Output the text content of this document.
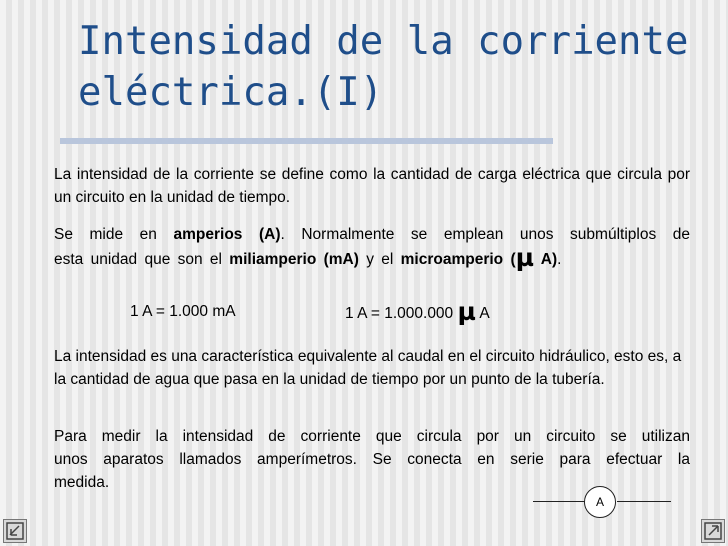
Intensidad de la corriente
eléctrica.(I)

La intensidad de la corriente se define como la cantidad de carga eléctrica que circula por un circuito en la unidad de tiempo.

Se mide en amperios (A). Normalmente se emplean unos submúltiplos de
esta unidad que son el miliamperio (mA) y el microamperio (µ A).

1 A = 1.000 mA	1 A = 1.000.000 µ A

La intensidad es una característica equivalente al caudal en el circuito hidráulico, esto es, a la cantidad de agua que pasa en la unidad de tiempo por un punto de la tubería.

Para medir la intensidad de corriente que circula por un circuito se utilizan
unos aparatos llamados amperímetros. Se conecta en serie para efectuar la
medida.

A
